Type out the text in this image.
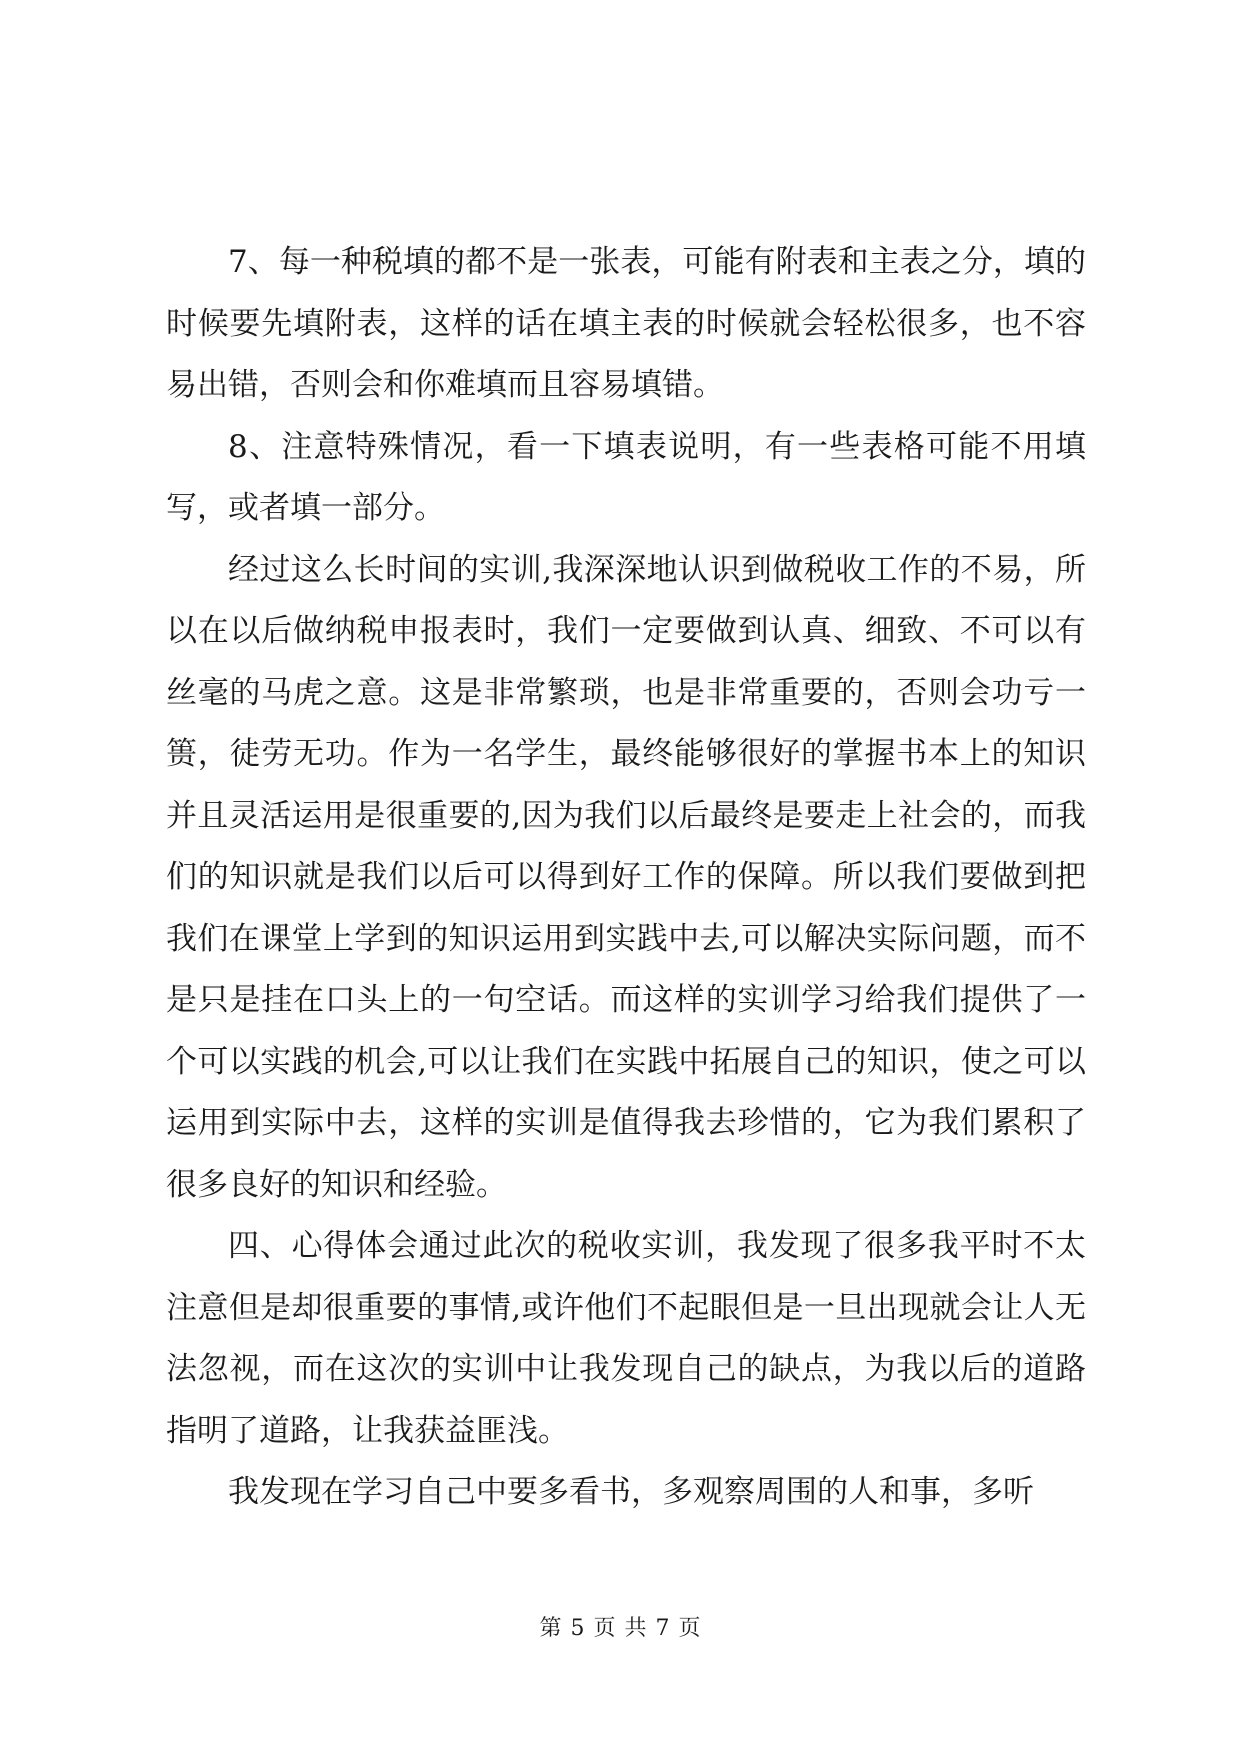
7、每一种税填的都不是一张表，可能有附表和主表之分，填的时候要先填附表，这样的话在填主表的时候就会轻松很多，也不容易出错，否则会和你难填而且容易填错。

8、注意特殊情况，看一下填表说明，有一些表格可能不用填写，或者填一部分。

经过这么长时间的实训,我深深地认识到做税收工作的不易，所以在以后做纳税申报表时，我们一定要做到认真、细致、不可以有丝毫的马虎之意。这是非常繁琐，也是非常重要的，否则会功亏一篑，徒劳无功。作为一名学生，最终能够很好的掌握书本上的知识并且灵活运用是很重要的,因为我们以后最终是要走上社会的，而我们的知识就是我们以后可以得到好工作的保障。所以我们要做到把我们在课堂上学到的知识运用到实践中去,可以解决实际问题，而不是只是挂在口头上的一句空话。而这样的实训学习给我们提供了一个可以实践的机会,可以让我们在实践中拓展自己的知识，使之可以运用到实际中去，这样的实训是值得我去珍惜的，它为我们累积了很多良好的知识和经验。

四、心得体会通过此次的税收实训，我发现了很多我平时不太注意但是却很重要的事情,或许他们不起眼但是一旦出现就会让人无法忽视，而在这次的实训中让我发现自己的缺点，为我以后的道路指明了道路，让我获益匪浅。

我发现在学习自己中要多看书，多观察周围的人和事，多听

第 5 页 共 7 页
